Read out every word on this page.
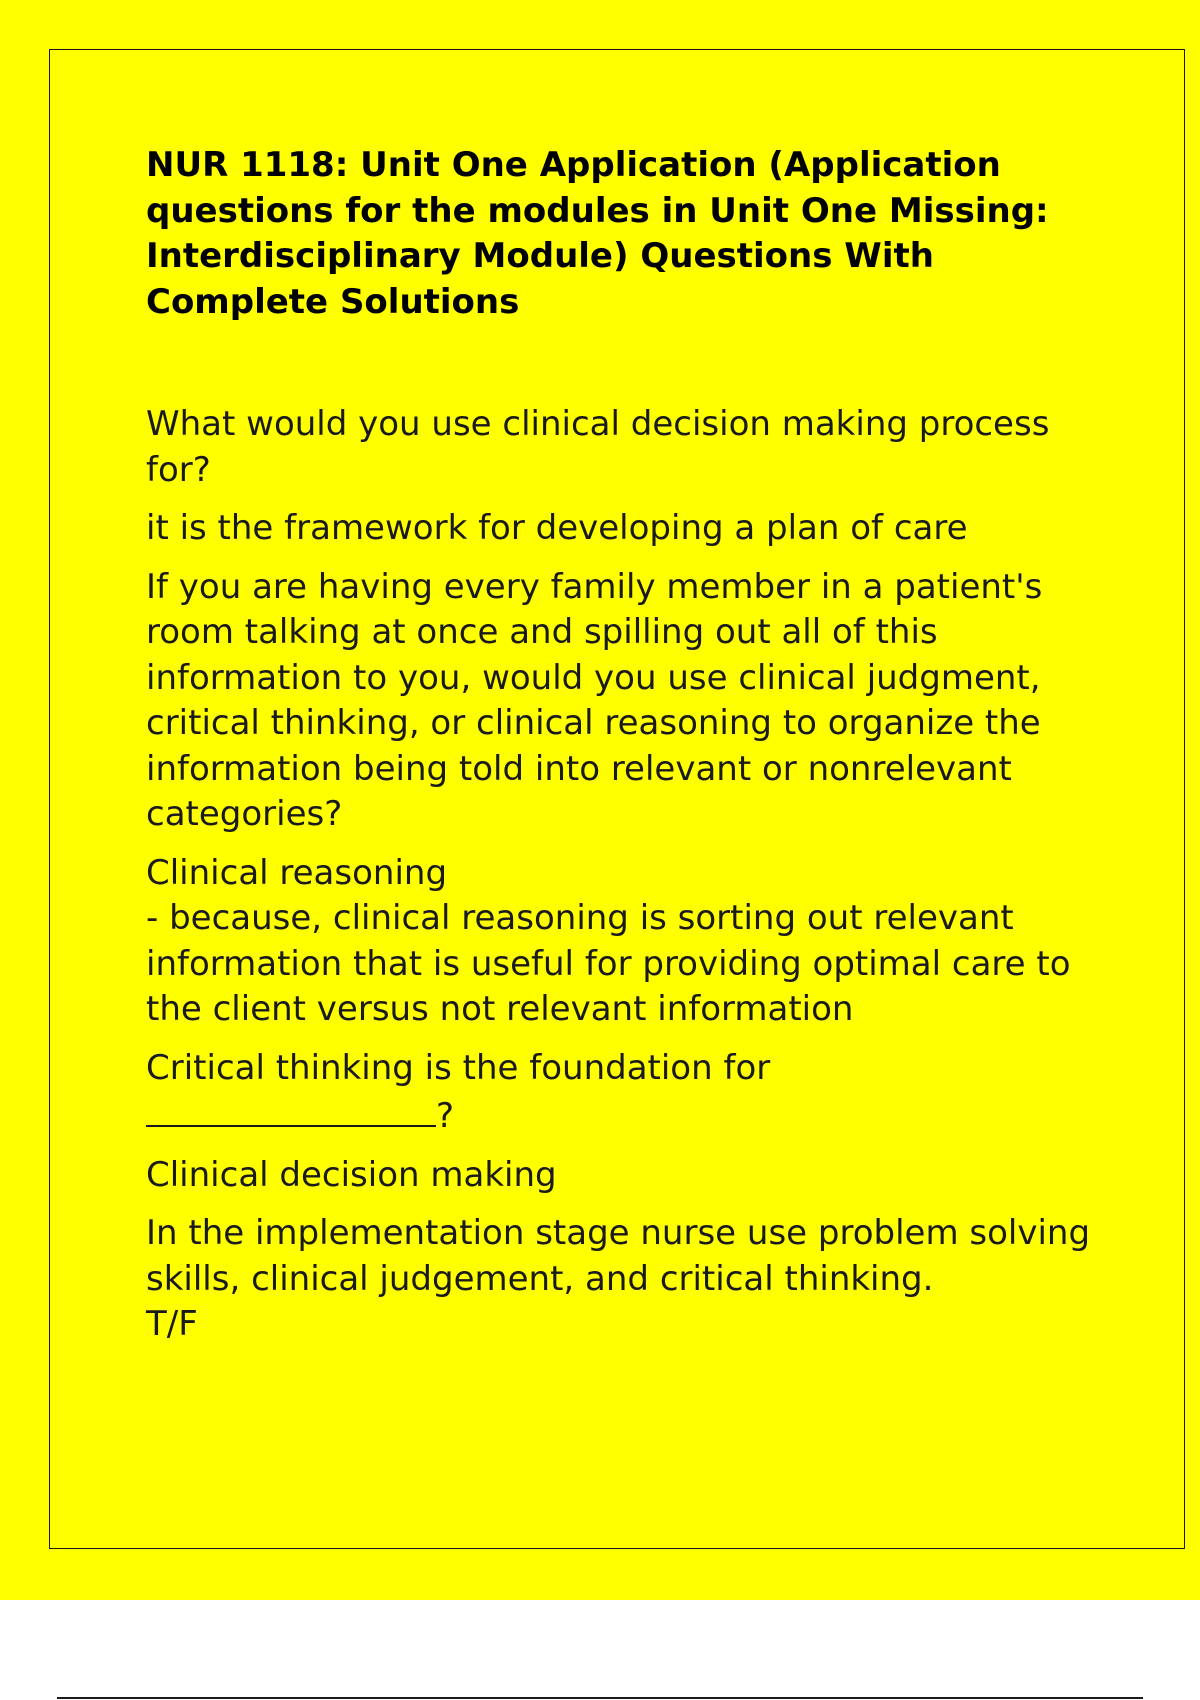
NUR 1118: Unit One Application (Application questions for the modules in Unit One Missing: Interdisciplinary Module) Questions With Complete Solutions

What would you use clinical decision making process for?

it is the framework for developing a plan of care

If you are having every family member in a patient's room talking at once and spilling out all of this information to you, would you use clinical judgment, critical thinking, or clinical reasoning to organize the information being told into relevant or nonrelevant categories?

Clinical reasoning
- because, clinical reasoning is sorting out relevant information that is useful for providing optimal care to the client versus not relevant information

Critical thinking is the foundation for
?

Clinical decision making

In the implementation stage nurse use problem solving skills, clinical judgement, and critical thinking.
T/F
